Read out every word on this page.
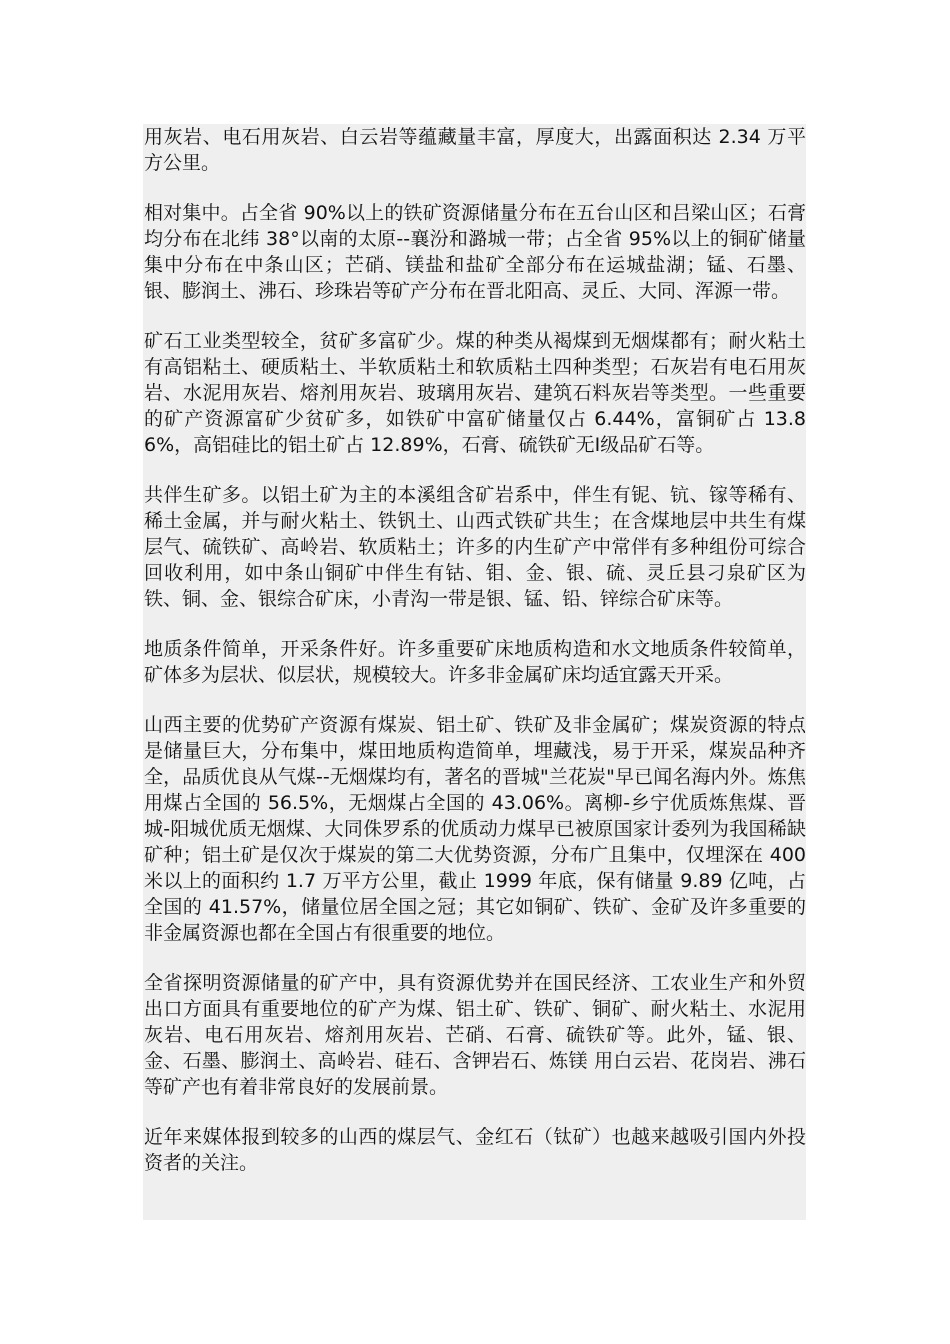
用灰岩、电石用灰岩、白云岩等蕴藏量丰富，厚度大，出露面积达 2.34 万平方公里。

相对集中。占全省 90%以上的铁矿资源储量分布在五台山区和吕梁山区；石膏均分布在北纬 38°以南的太原--襄汾和潞城一带；占全省 95%以上的铜矿储量集中分布在中条山区；芒硝、镁盐和盐矿全部分布在运城盐湖；锰、石墨、银、膨润土、沸石、珍珠岩等矿产分布在晋北阳高、灵丘、大同、浑源一带。

矿石工业类型较全，贫矿多富矿少。煤的种类从褐煤到无烟煤都有；耐火粘土有高铝粘土、硬质粘土、半软质粘土和软质粘土四种类型；石灰岩有电石用灰岩、水泥用灰岩、熔剂用灰岩、玻璃用灰岩、建筑石料灰岩等类型。一些重要的矿产资源富矿少贫矿多，如铁矿中富矿储量仅占 6.44%，富铜矿占 13.86%，高铝硅比的铝土矿占 12.89%，石膏、硫铁矿无Ⅰ级品矿石等。

共伴生矿多。以铝土矿为主的本溪组含矿岩系中，伴生有铌、钪、镓等稀有、稀土金属，并与耐火粘土、铁钒土、山西式铁矿共生；在含煤地层中共生有煤层气、硫铁矿、高岭岩、软质粘土；许多的内生矿产中常伴有多种组份可综合回收利用，如中条山铜矿中伴生有钴、钼、金、银、硫、灵丘县刁泉矿区为铁、铜、金、银综合矿床，小青沟一带是银、锰、铅、锌综合矿床等。

地质条件简单，开采条件好。许多重要矿床地质构造和水文地质条件较简单，矿体多为层状、似层状，规模较大。许多非金属矿床均适宜露天开采。

山西主要的优势矿产资源有煤炭、铝土矿、铁矿及非金属矿；煤炭资源的特点是储量巨大，分布集中，煤田地质构造简单，埋藏浅，易于开采，煤炭品种齐全，品质优良从气煤--无烟煤均有，著名的晋城"兰花炭"早已闻名海内外。炼焦用煤占全国的 56.5%，无烟煤占全国的 43.06%。离柳-乡宁优质炼焦煤、晋城-阳城优质无烟煤、大同侏罗系的优质动力煤早已被原国家计委列为我国稀缺矿种；铝土矿是仅次于煤炭的第二大优势资源，分布广且集中，仅埋深在 400 米以上的面积约 1.7 万平方公里，截止 1999 年底，保有储量 9.89 亿吨，占全国的 41.57%，储量位居全国之冠；其它如铜矿、铁矿、金矿及许多重要的非金属资源也都在全国占有很重要的地位。

全省探明资源储量的矿产中，具有资源优势并在国民经济、工农业生产和外贸出口方面具有重要地位的矿产为煤、铝土矿、铁矿、铜矿、耐火粘土、水泥用灰岩、电石用灰岩、熔剂用灰岩、芒硝、石膏、硫铁矿等。此外，锰、银、金、石墨、膨润土、高岭岩、硅石、含钾岩石、炼镁 用白云岩、花岗岩、沸石等矿产也有着非常良好的发展前景。

近年来媒体报到较多的山西的煤层气、金红石（钛矿）也越来越吸引国内外投资者的关注。
